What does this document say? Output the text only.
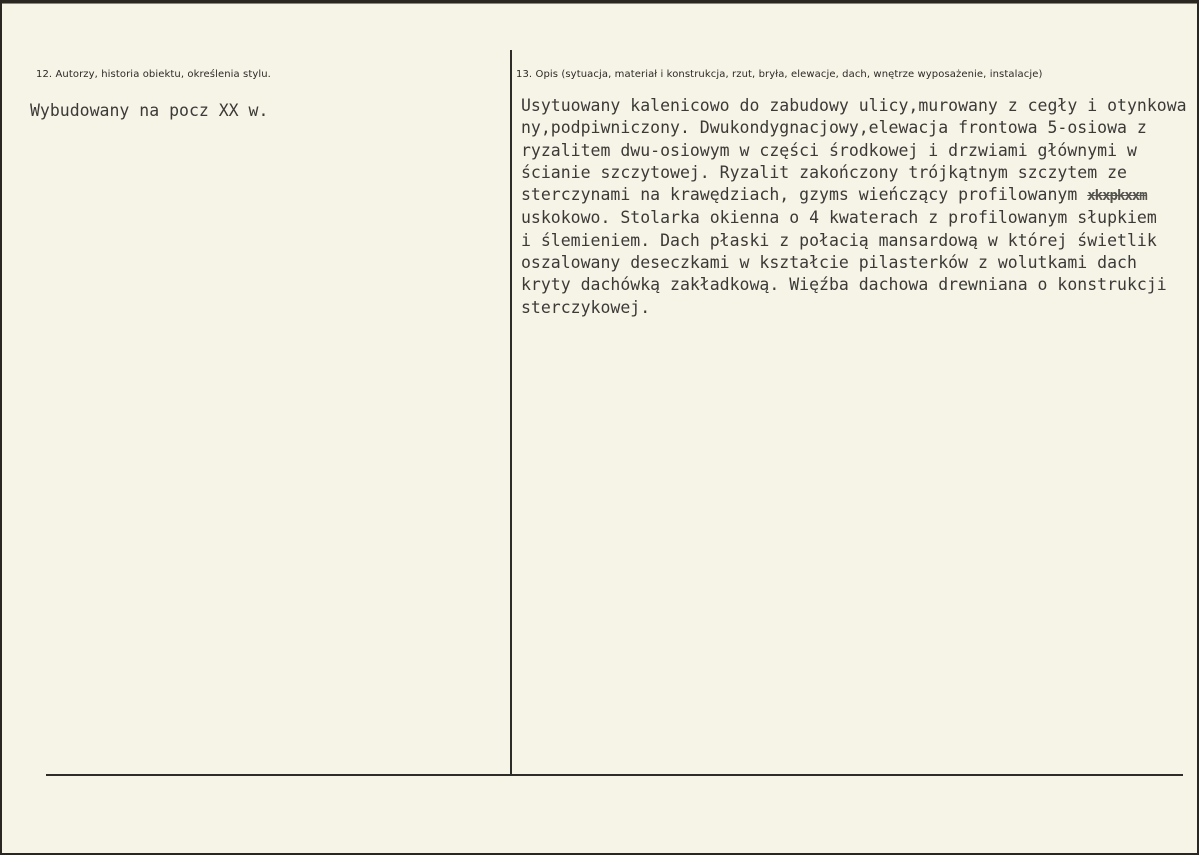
12. Autorzy, historia obiektu, określenia stylu.
Wybudowany na pocz XX w.
13. Opis (sytuacja, materiał i konstrukcja, rzut, bryła, elewacje, dach, wnętrze wyposażenie, instalacje)
Usytuowany kalenicowo do zabudowy ulicy,murowany z cegły i otynkowa
ny,podpiwniczony. Dwukondygnacjowy,elewacja frontowa 5-osiowa z
ryzalitem dwu-osiowym w części środkowej i drzwiami głównymi w
ścianie szczytowej. Ryzalit zakończony trójkątnym szczytem ze
sterczynami na krawędziach, gzyms wieńczący profilowanym xkxpkxxm
uskokowo. Stolarka okienna o 4 kwaterach z profilowanym słupkiem
i ślemieniem. Dach płaski z połacią mansardową w której świetlik
oszalowany deseczkami w kształcie pilasterków z wolutkami dach
kryty dachówką zakładkową. Więźba dachowa drewniana o konstrukcji
sterczykowej.
